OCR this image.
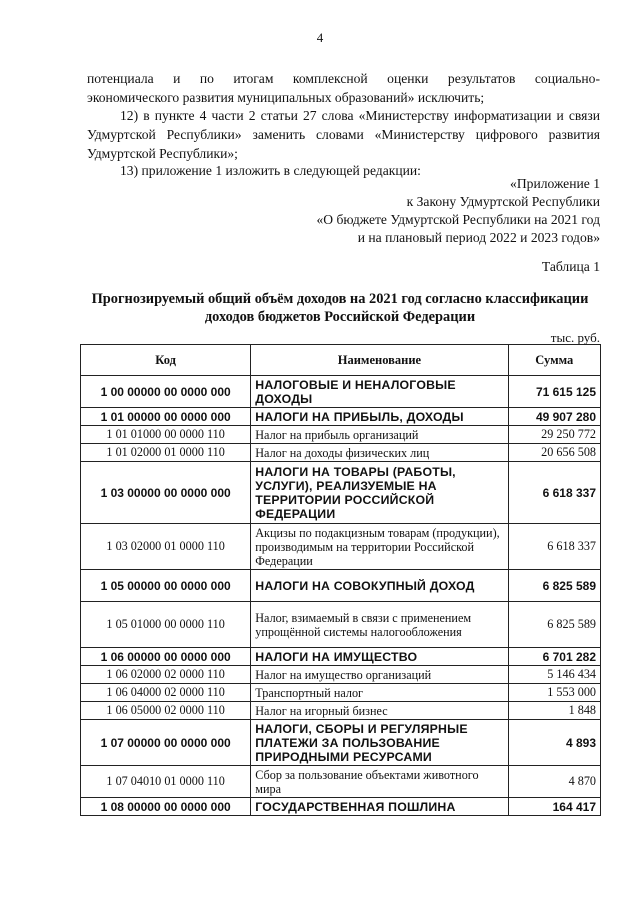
4
потенциала и по итогам комплексной оценки результатов социально-
экономического развития муниципальных образований» исключить;
12) в пункте 4 части 2 статьи 27 слова «Министерству информатизации и связи Удмуртской Республики» заменить словами «Министерству цифрового развития Удмуртской Республики»;
13) приложение 1 изложить в следующей редакции:
«Приложение 1
к Закону Удмуртской Республики
«О бюджете Удмуртской Республики на 2021 год
и на плановый период 2022 и 2023 годов»
Таблица 1
Прогнозируемый общий объём доходов на 2021 год согласно классификации доходов бюджетов Российской Федерации
тыс. руб.
Код	Наименование	Сумма
1 00 00000 00 0000 000	НАЛОГОВЫЕ И НЕНАЛОГОВЫЕ ДОХОДЫ	71 615 125
1 01 00000 00 0000 000	НАЛОГИ НА ПРИБЫЛЬ, ДОХОДЫ	49 907 280
1 01 01000 00 0000 110	Налог на прибыль организаций	29 250 772
1 01 02000 01 0000 110	Налог на доходы физических лиц	20 656 508
1 03 00000 00 0000 000	НАЛОГИ НА ТОВАРЫ (РАБОТЫ, УСЛУГИ), РЕАЛИЗУЕМЫЕ НА ТЕРРИТОРИИ РОССИЙСКОЙ ФЕДЕРАЦИИ	6 618 337
1 03 02000 01 0000 110	Акцизы по подакцизным товарам (продукции), производимым на территории Российской Федерации	6 618 337
1 05 00000 00 0000 000	НАЛОГИ НА СОВОКУПНЫЙ ДОХОД	6 825 589
1 05 01000 00 0000 110	Налог, взимаемый в связи с применением упрощённой системы налогообложения	6 825 589
1 06 00000 00 0000 000	НАЛОГИ НА ИМУЩЕСТВО	6 701 282
1 06 02000 02 0000 110	Налог на имущество организаций	5 146 434
1 06 04000 02 0000 110	Транспортный налог	1 553 000
1 06 05000 02 0000 110	Налог на игорный бизнес	1 848
1 07 00000 00 0000 000	НАЛОГИ, СБОРЫ И РЕГУЛЯРНЫЕ ПЛАТЕЖИ ЗА ПОЛЬЗОВАНИЕ ПРИРОДНЫМИ РЕСУРСАМИ	4 893
1 07 04010 01 0000 110	Сбор за пользование объектами животного мира	4 870
1 08 00000 00 0000 000	ГОСУДАРСТВЕННАЯ ПОШЛИНА	164 417
